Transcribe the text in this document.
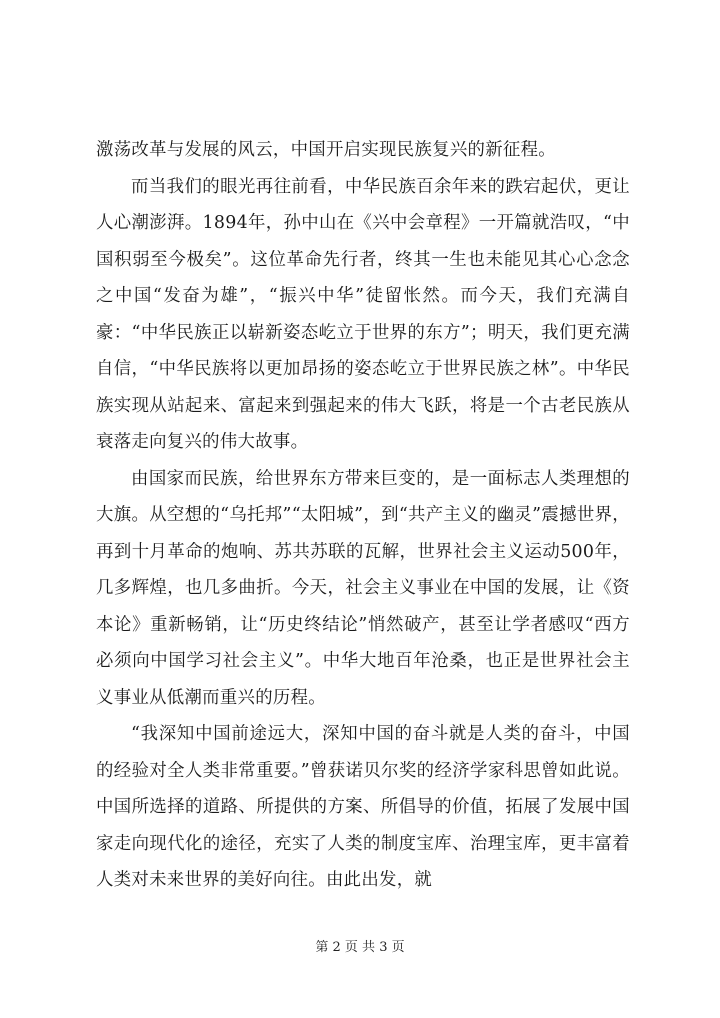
激荡改革与发展的风云，中国开启实现民族复兴的新征程。

而当我们的眼光再往前看，中华民族百余年来的跌宕起伏，更让人心潮澎湃。1894年，孙中山在《兴中会章程》一开篇就浩叹，“中国积弱至今极矣”。这位革命先行者，终其一生也未能见其心心念念之中国“发奋为雄”，“振兴中华”徒留怅然。而今天，我们充满自豪：“中华民族正以崭新姿态屹立于世界的东方”；明天，我们更充满自信，“中华民族将以更加昂扬的姿态屹立于世界民族之林”。中华民族实现从站起来、富起来到强起来的伟大飞跃，将是一个古老民族从衰落走向复兴的伟大故事。

由国家而民族，给世界东方带来巨变的，是一面标志人类理想的大旗。从空想的“乌托邦”“太阳城”，到“共产主义的幽灵”震撼世界，再到十月革命的炮响、苏共苏联的瓦解，世界社会主义运动500年，几多辉煌，也几多曲折。今天，社会主义事业在中国的发展，让《资本论》重新畅销，让“历史终结论”悄然破产，甚至让学者感叹“西方必须向中国学习社会主义”。中华大地百年沧桑，也正是世界社会主义事业从低潮而重兴的历程。

“我深知中国前途远大，深知中国的奋斗就是人类的奋斗，中国的经验对全人类非常重要。”曾获诺贝尔奖的经济学家科思曾如此说。中国所选择的道路、所提供的方案、所倡导的价值，拓展了发展中国家走向现代化的途径，充实了人类的制度宝库、治理宝库，更丰富着人类对未来世界的美好向往。由此出发，就

第 2 页 共 3 页
